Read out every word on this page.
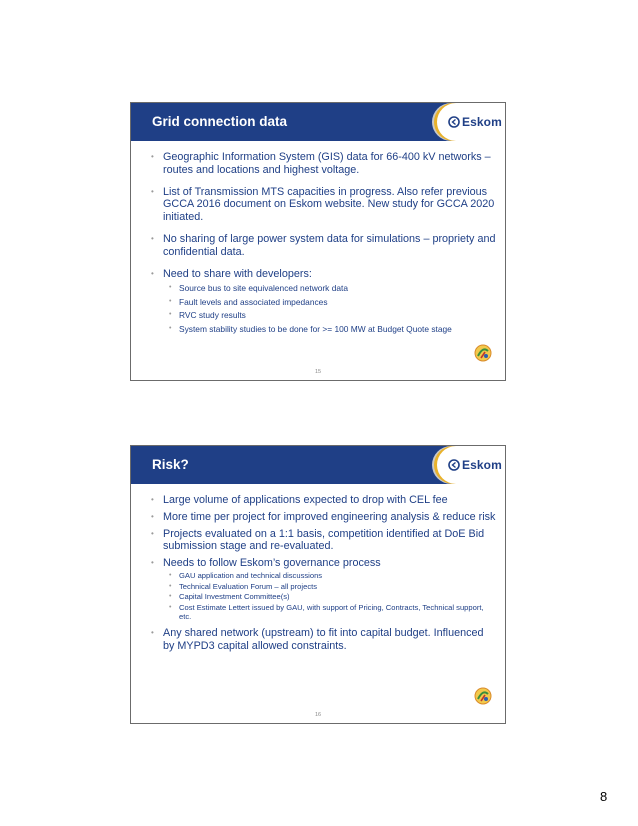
Grid connection data	Eskom
• Geographic Information System (GIS) data for 66-400 kV networks – routes and locations and highest voltage.
• List of Transmission MTS capacities in progress. Also refer previous GCCA 2016 document on Eskom website. New study for GCCA 2020 initiated.
• No sharing of large power system data for simulations – propriety and confidential data.
• Need to share with developers:
• Source bus to site equivalenced network data
• Fault levels and associated impedances
• RVC study results
• System stability studies to be done for >= 100 MW at Budget Quote stage
15
Risk?	Eskom
• Large volume of applications expected to drop with CEL fee
• More time per project for improved engineering analysis & reduce risk
• Projects evaluated on a 1:1 basis, competition identified at DoE Bid submission stage and re-evaluated.
• Needs to follow Eskom’s governance process
• GAU application and technical discussions
• Technical Evaluation Forum – all projects
• Capital Investment Committee(s)
• Cost Estimate Lettert issued by GAU, with support of Pricing, Contracts, Technical support, etc.
• Any shared network (upstream) to fit into capital budget. Influenced by MYPD3 capital allowed constraints.
16
8
